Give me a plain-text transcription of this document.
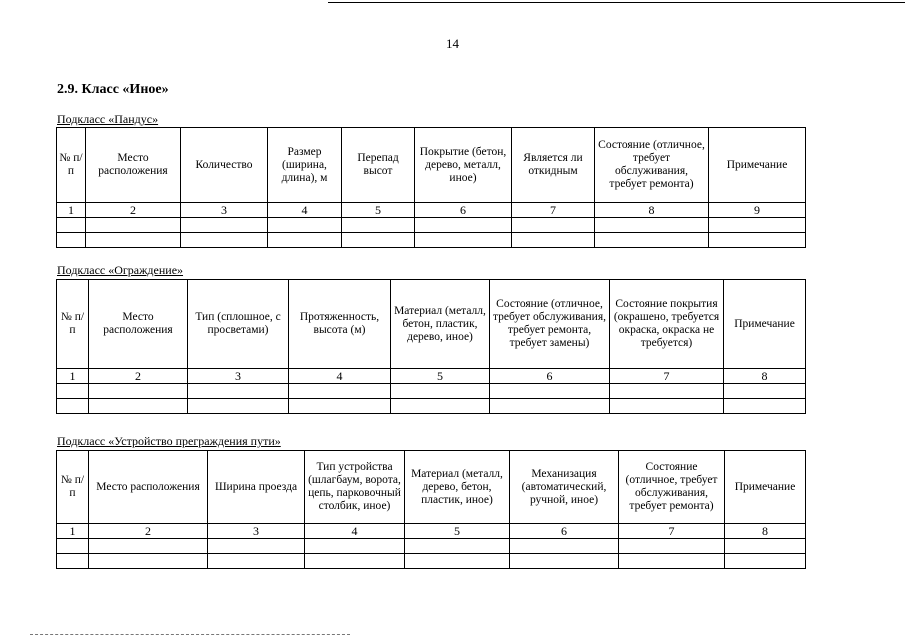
14
2.9. Класс «Иное»
Подкласс «Пандус»
№ п/п	Место расположения	Количество	Размер (ширина, длина), м	Перепад высот	Покрытие (бетон, дерево, металл, иное)	Является ли откидным	Состояние (отличное, требует обслуживания, требует ремонта)	Примечание
1	2	3	4	5	6	7	8	9

Подкласс «Ограждение»
№ п/п	Место расположения	Тип (сплошное, с просветами)	Протяженность, высота (м)	Материал (металл, бетон, пластик, дерево, иное)	Состояние (отличное, требует обслуживания, требует ремонта, требует замены)	Состояние покрытия (окрашено, требуется окраска, окраска не требуется)	Примечание
1	2	3	4	5	6	7	8

Подкласс «Устройство преграждения пути»
№ п/п	Место расположения	Ширина проезда	Тип устройства (шлагбаум, ворота, цепь, парковочный столбик, иное)	Материал (металл, дерево, бетон, пластик, иное)	Механизация (автоматический, ручной, иное)	Состояние (отличное, требует обслуживания, требует ремонта)	Примечание
1	2	3	4	5	6	7	8
